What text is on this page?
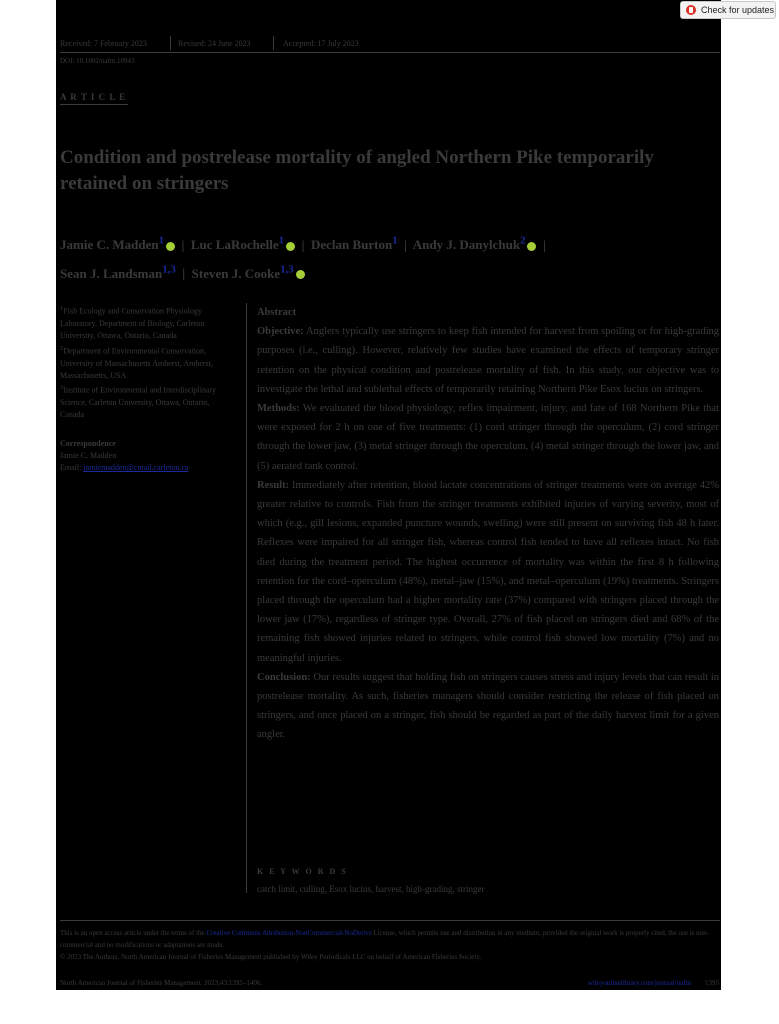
Check for updates
Received: 7 February 2023	Revised: 24 June 2023	Accepted: 17 July 2023
DOI: 10.1002/nafm.10943
A R T I C L E
Condition and postrelease mortality of angled Northern Pike temporarily retained on stringers
Jamie C. Madden$^1$  |  Luc LaRochelle$^1$  |  Declan Burton$^1$  |  Andy J. Danylchuk$^2$  |
Sean J. Landsman$^{1,3}$  |  Steven J. Cooke$^{1,3}$
$^1$Fish Ecology and Conservation Physiology Laboratory, Department of Biology, Carleton University, Ottawa, Ontario, Canada
$^2$Department of Environmental Conservation, University of Massachusetts Amherst, Amherst, Massachusetts, USA
$^3$Institute of Environmental and Interdisciplinary Science, Carleton University, Ottawa, Ontario, Canada
Correspondence
Jamie C. Madden
Email: jamiemadden@cmail.carleton.ca

Abstract

Objective: Anglers typically use stringers to keep fish intended for harvest from spoiling or for high-grading purposes (i.e., culling). However, relatively few studies have examined the effects of temporary stringer retention on the physical condition and postrelease mortality of fish. In this study, our objective was to investigate the lethal and sublethal effects of temporarily retaining Northern Pike Esox lucius on stringers.

Methods: We evaluated the blood physiology, reflex impairment, injury, and fate of 168 Northern Pike that were exposed for 2 h on one of five treatments: (1) cord stringer through the operculum, (2) cord stringer through the lower jaw, (3) metal stringer through the operculum, (4) metal stringer through the lower jaw, and (5) aerated tank control.

Result: Immediately after retention, blood lactate concentrations of stringer treatments were on average 42% greater relative to controls. Fish from the stringer treatments exhibited injuries of varying severity, most of which (e.g., gill lesions, expanded puncture wounds, swelling) were still present on surviving fish 48 h later. Reflexes were impaired for all stringer fish, whereas control fish tended to have all reflexes intact. No fish died during the treatment period. The highest occurrence of mortality was within the first 8 h following retention for the cord–operculum (48%), metal–jaw (15%), and metal–operculum (19%) treatments. Stringers placed through the operculum had a higher mortality rate (37%) compared with stringers placed through the lower jaw (17%), regardless of stringer type. Overall, 27% of fish placed on stringers died and 68% of the remaining fish showed injuries related to stringers, while control fish showed low mortality (7%) and no meaningful injuries.

Conclusion: Our results suggest that holding fish on stringers causes stress and injury levels that can result in postrelease mortality. As such, fisheries managers should consider restricting the release of fish placed on stringers, and once placed on a stringer, fish should be regarded as part of the daily harvest limit for a given angler.

K E Y W O R D S
catch limit, culling, Esox lucius, harvest, high-grading, stringer
This is an open access article under the terms of the Creative Commons Attribution-NonCommercial-NoDerivs License, which permits use and distribution in any medium, provided the original work is properly cited, the use is non-commercial and no modifications or adaptations are made.
© 2023 The Authors. North American Journal of Fisheries Management published by Wiley Periodicals LLC on behalf of American Fisheries Society.
North American Journal of Fisheries Management. 2023;43:1395–1406.	wileyonlinelibrary.com/journal/nafm 1395
